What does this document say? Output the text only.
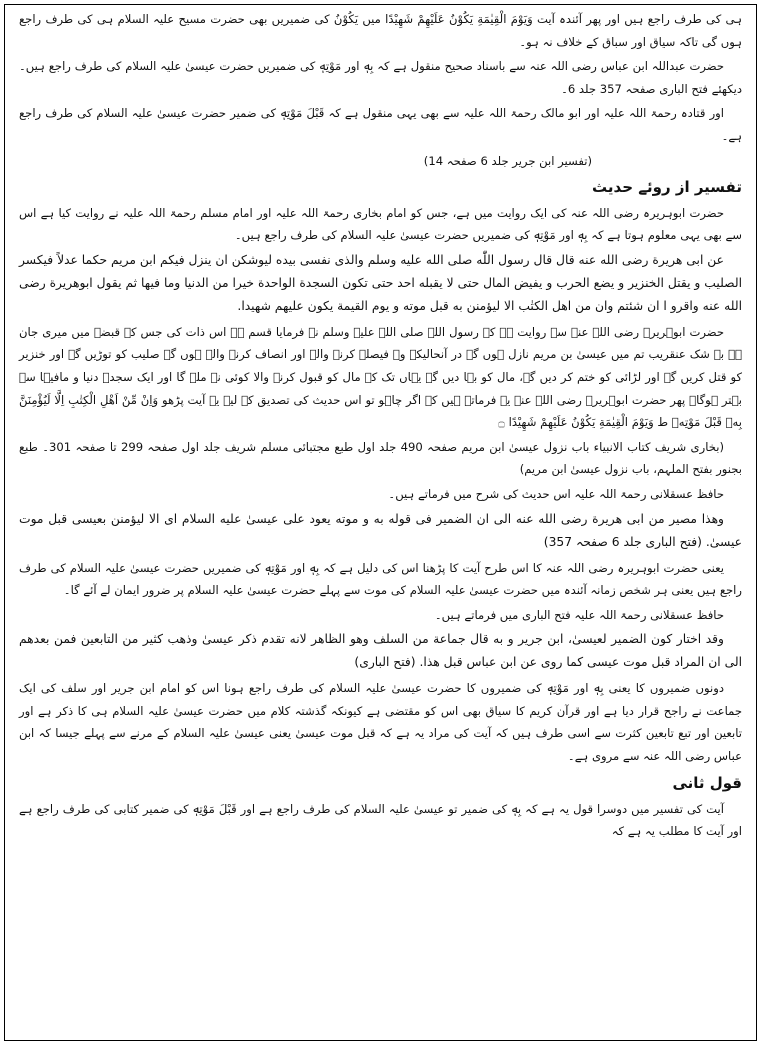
ہی کی طرف راجع ہیں اور پھر آئندہ آیت وَيَوْمَ الْقِيٰمَةِ يَكُوْنُ عَلَيْهِمْ شَهِيْدًا میں يَكُوْنُ کی ضمیریں بھی حضرت مسیح علیہ السلام ہی کی طرف راجع ہوں گی تاکہ سیاق اور سباق کے خلاف نہ ہو۔

حضرت عبداللہ ابن عباس رضی اللہ عنہ سے باسناد صحیح منقول ہے کہ بِهٖ اور مَوْتِهٖ کی ضمیریں حضرت عیسیٰ علیہ السلام کی طرف راجع ہیں۔ دیکھئے فتح الباری صفحہ 357 جلد 6۔

اور قتادہ رحمۃ اللہ علیہ اور ابو مالک رحمۃ اللہ علیہ سے بھی یہی منقول ہے کہ قَبْلَ مَوْتِهٖ کی ضمیر حضرت عیسیٰ علیہ السلام کی طرف راجع ہے۔

(تفسیر ابن جریر جلد 6 صفحہ 14)

تفسیر از روئے حدیث

حضرت ابوہریرہ رضی اللہ عنہ کی ایک روایت میں ہے، جس کو امام بخاری رحمۃ اللہ علیہ اور امام مسلم رحمۃ اللہ علیہ نے روایت کیا ہے اس سے بھی یہی معلوم ہوتا ہے کہ بِهٖ اور مَوْتِهٖ کی ضمیریں حضرت عیسیٰ علیہ السلام کی طرف راجع ہیں۔

عن ابی هريرة رضی الله عنه قال قال رسول اللّٰه صلی الله عليه وسلم والذی نفسی بيده ليوشكن ان ينزل فيكم ابن مريم حكما عدلاً فيكسر الصليب و يقتل الخنزير و يضع الحرب و يفيض المال حتی لا يقبله احد حتی تكون السجدة الواحدة خيرا من الدنيا وما فيها ثم يقول ابوهريرة رضی الله عنه واقرو ا ان شئتم وان من اهل الكتٰب الا ليؤمنن به قبل موته و يوم القيمة يكون عليهم شهيدا.

حضرت ابوہریرہ رضی اللہ عنہ سے روایت ہے کہ رسول اللہ صلی اللہ علیہ وسلم نے فرمایا قسم ہے اس ذات کی جس کے قبضہ میں میری جان ہے بے شک عنقریب تم میں عیسیٰ بن مریم نازل ہوں گے در آنحالیکہ وہ فیصلہ کرنے والے اور انصاف کرنے والے ہوں گے صلیب کو توڑیں گے اور خنزیر کو قتل کریں گے اور لڑائی کو ختم کر دیں گے، مال کو بہا دیں گے یہاں تک کہ مال کو قبول کرنے والا کوئی نہ ملے گا اور ایک سجدہ دنیا و مافیہا سے بہتر ہوگا۔ پھر حضرت ابوہریرہ رضی اللہ عنہ یہ فرماتے ہیں کہ اگر چاہو تو اس حدیث کی تصدیق کے لیے یہ آیت پڑھو وَاِنْ مِّنْ اَهْلِ الْكِتٰبِ اِلَّا لَيُؤْمِنَنَّ بِهٖ قَبْلَ مَوْتِهٖ ط وَيَوْمَ الْقِيٰمَةِ يَكُوْنُ عَلَيْهِمْ شَهِيْدًا ۝

(بخاری شریف کتاب الانبیاء باب نزول عیسیٰ ابن مریم صفحہ 490 جلد اول طبع مجتبائی مسلم شریف جلد اول صفحہ 299 تا صفحہ 301۔ طبع بجنور بفتح الملہم، باب نزول عیسیٰ ابن مریم)

حافظ عسقلانی رحمۃ اللہ علیہ اس حدیث کی شرح میں فرماتے ہیں۔

وهذا مصير من ابی هريرة رضی الله عنه الی ان الضمير فی قوله به و موته يعود علی عيسیٰ عليه السلام ای الا ليؤمنن بعيسی قبل موت عيسیٰ. (فتح الباری جلد 6 صفحہ 357)

یعنی حضرت ابوہریرہ رضی اللہ عنہ کا اس طرح آیت کا پڑھنا اس کی دلیل ہے کہ بِهٖ اور مَوْتِهٖ کی ضمیریں حضرت عیسیٰ علیہ السلام کی طرف راجع ہیں یعنی ہر شخص زمانہ آئندہ میں حضرت عیسیٰ علیہ السلام کی موت سے پہلے حضرت عیسیٰ علیہ السلام پر ضرور ایمان لے آئے گا۔

حافظ عسقلانی رحمۃ اللہ علیہ فتح الباری میں فرماتے ہیں۔

وقد اختار كون الضمير لعيسیٰ، ابن جرير و به قال جماعة من السلف وهو الظاهر لانه تقدم ذكر عيسیٰ وذهب كثير من التابعين فمن بعدهم الی ان المراد قبل موت عيسی كما روی عن ابن عباس قبل هذا. (فتح الباری)

دونوں ضمیروں کا یعنی بِهٖ اور مَوْتِهٖ کی ضمیروں کا حضرت عیسیٰ علیہ السلام کی طرف راجع ہونا اس کو امام ابن جریر اور سلف کی ایک جماعت نے راجح قرار دیا ہے اور قرآن کریم کا سیاق بھی اس کو مقتضی ہے کیونکہ گذشتہ کلام میں حضرت عیسیٰ علیہ السلام ہی کا ذکر ہے اور تابعین اور تبع تابعین کثرت سے اسی طرف ہیں کہ آیت کی مراد یہ ہے کہ قبل موت عیسیٰ یعنی عیسیٰ علیہ السلام کے مرنے سے پہلے جیسا کہ ابن عباس رضی اللہ عنہ سے مروی ہے۔

قول ثانی

آیت کی تفسیر میں دوسرا قول یہ ہے کہ بِهٖ کی ضمیر تو عیسیٰ علیہ السلام کی طرف راجع ہے اور قَبْلَ مَوْتِهٖ کی ضمیر کتابی کی طرف راجع ہے اور آیت کا مطلب یہ ہے کہ
